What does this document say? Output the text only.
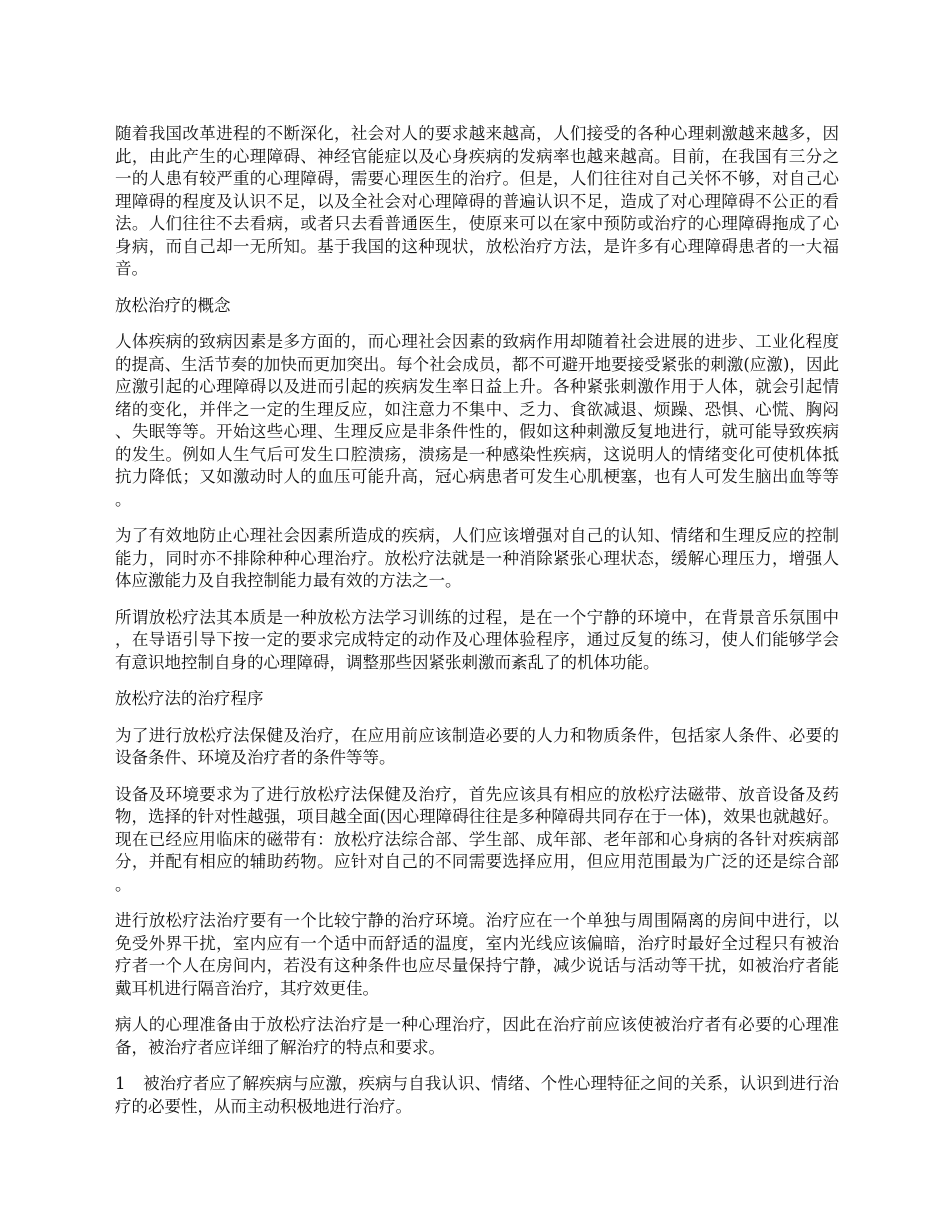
随着我国改革进程的不断深化，社会对人的要求越来越高，人们接受的各种心理刺激越来越多，因此，由此产生的心理障碍、神经官能症以及心身疾病的发病率也越来越高。目前，在我国有三分之一的人患有较严重的心理障碍，需要心理医生的治疗。但是，人们往往对自己关怀不够，对自己心理障碍的程度及认识不足，以及全社会对心理障碍的普遍认识不足，造成了对心理障碍不公正的看法。人们往往不去看病，或者只去看普通医生，使原来可以在家中预防或治疗的心理障碍拖成了心身病，而自己却一无所知。基于我国的这种现状，放松治疗方法，是许多有心理障碍患者的一大福音。

放松治疗的概念

人体疾病的致病因素是多方面的，而心理社会因素的致病作用却随着社会进展的进步、工业化程度的提高、生活节奏的加快而更加突出。每个社会成员，都不可避开地要接受紧张的刺激(应激)，因此应激引起的心理障碍以及进而引起的疾病发生率日益上升。各种紧张刺激作用于人体，就会引起情绪的变化，并伴之一定的生理反应，如注意力不集中、乏力、食欲减退、烦躁、恐惧、心慌、胸闷、失眠等等。开始这些心理、生理反应是非条件性的，假如这种刺激反复地进行，就可能导致疾病的发生。例如人生气后可发生口腔溃疡，溃疡是一种感染性疾病，这说明人的情绪变化可使机体抵抗力降低；又如激动时人的血压可能升高，冠心病患者可发生心肌梗塞，也有人可发生脑出血等等。

为了有效地防止心理社会因素所造成的疾病，人们应该增强对自己的认知、情绪和生理反应的控制能力，同时亦不排除种种心理治疗。放松疗法就是一种消除紧张心理状态，缓解心理压力，增强人体应激能力及自我控制能力最有效的方法之一。

所谓放松疗法其本质是一种放松方法学习训练的过程，是在一个宁静的环境中，在背景音乐氛围中，在导语引导下按一定的要求完成特定的动作及心理体验程序，通过反复的练习，使人们能够学会有意识地控制自身的心理障碍，调整那些因紧张刺激而紊乱了的机体功能。

放松疗法的治疗程序

为了进行放松疗法保健及治疗，在应用前应该制造必要的人力和物质条件，包括家人条件、必要的设备条件、环境及治疗者的条件等等。

设备及环境要求为了进行放松疗法保健及治疗，首先应该具有相应的放松疗法磁带、放音设备及药物，选择的针对性越强，项目越全面(因心理障碍往往是多种障碍共同存在于一体)，效果也就越好。现在已经应用临床的磁带有：放松疗法综合部、学生部、成年部、老年部和心身病的各针对疾病部分，并配有相应的辅助药物。应针对自己的不同需要选择应用，但应用范围最为广泛的还是综合部。

进行放松疗法治疗要有一个比较宁静的治疗环境。治疗应在一个单独与周围隔离的房间中进行，以免受外界干扰，室内应有一个适中而舒适的温度，室内光线应该偏暗，治疗时最好全过程只有被治疗者一个人在房间内，若没有这种条件也应尽量保持宁静，减少说话与活动等干扰，如被治疗者能戴耳机进行隔音治疗，其疗效更佳。

病人的心理准备由于放松疗法治疗是一种心理治疗，因此在治疗前应该使被治疗者有必要的心理准备，被治疗者应详细了解治疗的特点和要求。

1 被治疗者应了解疾病与应激，疾病与自我认识、情绪、个性心理特征之间的关系，认识到进行治疗的必要性，从而主动积极地进行治疗。
